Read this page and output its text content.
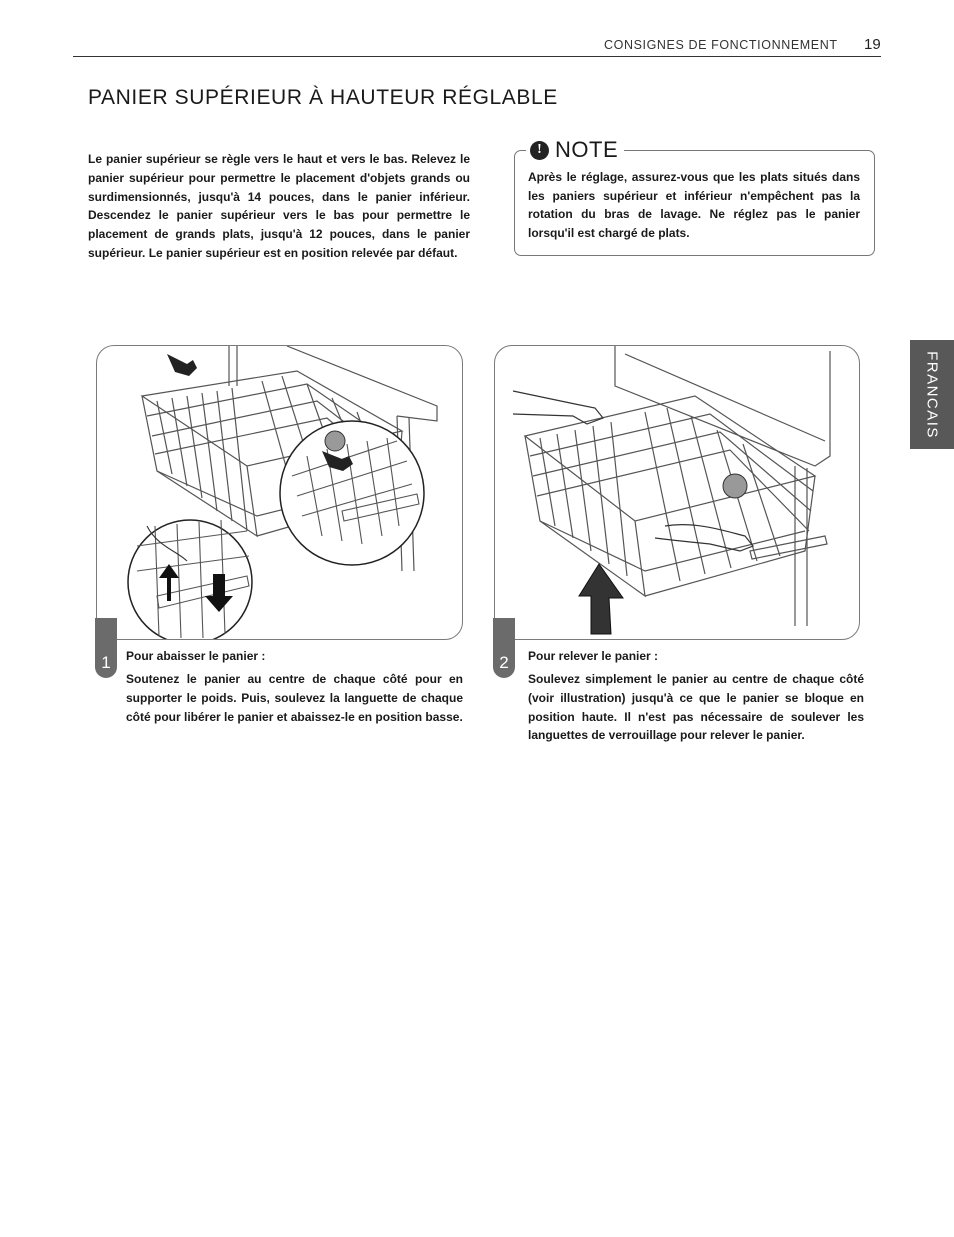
CONSIGNES DE FONCTIONNEMENT 19
PANIER SUPÉRIEUR À HAUTEUR RÉGLABLE

Le panier supérieur se règle vers le haut et vers le bas. Relevez le panier supérieur pour permettre le placement d'objets grands ou surdimensionnés, jusqu'à 14 pouces, dans le panier inférieur. Descendez le panier supérieur vers le bas pour permettre le placement de grands plats, jusqu'à 12 pouces, dans le panier supérieur. Le panier supérieur est en position relevée par défaut.

! NOTE

Après le réglage, assurez-vous que les plats situés dans les paniers supérieur et inférieur n'empêchent pas la rotation du bras de lavage. Ne réglez pas le panier lorsqu'il est chargé de plats.

FRANCAIS
1	Pour abaisser le panier :

Soutenez le panier au centre de chaque côté pour en supporter le poids. Puis, soulevez la languette de chaque côté pour libérer le panier et abaissez-le en position basse.

2	Pour relever le panier :

Soulevez simplement le panier au centre de chaque côté (voir illustration) jusqu'à ce que le panier se bloque en position haute. Il n'est pas nécessaire de soulever les languettes de verrouillage pour relever le panier.
